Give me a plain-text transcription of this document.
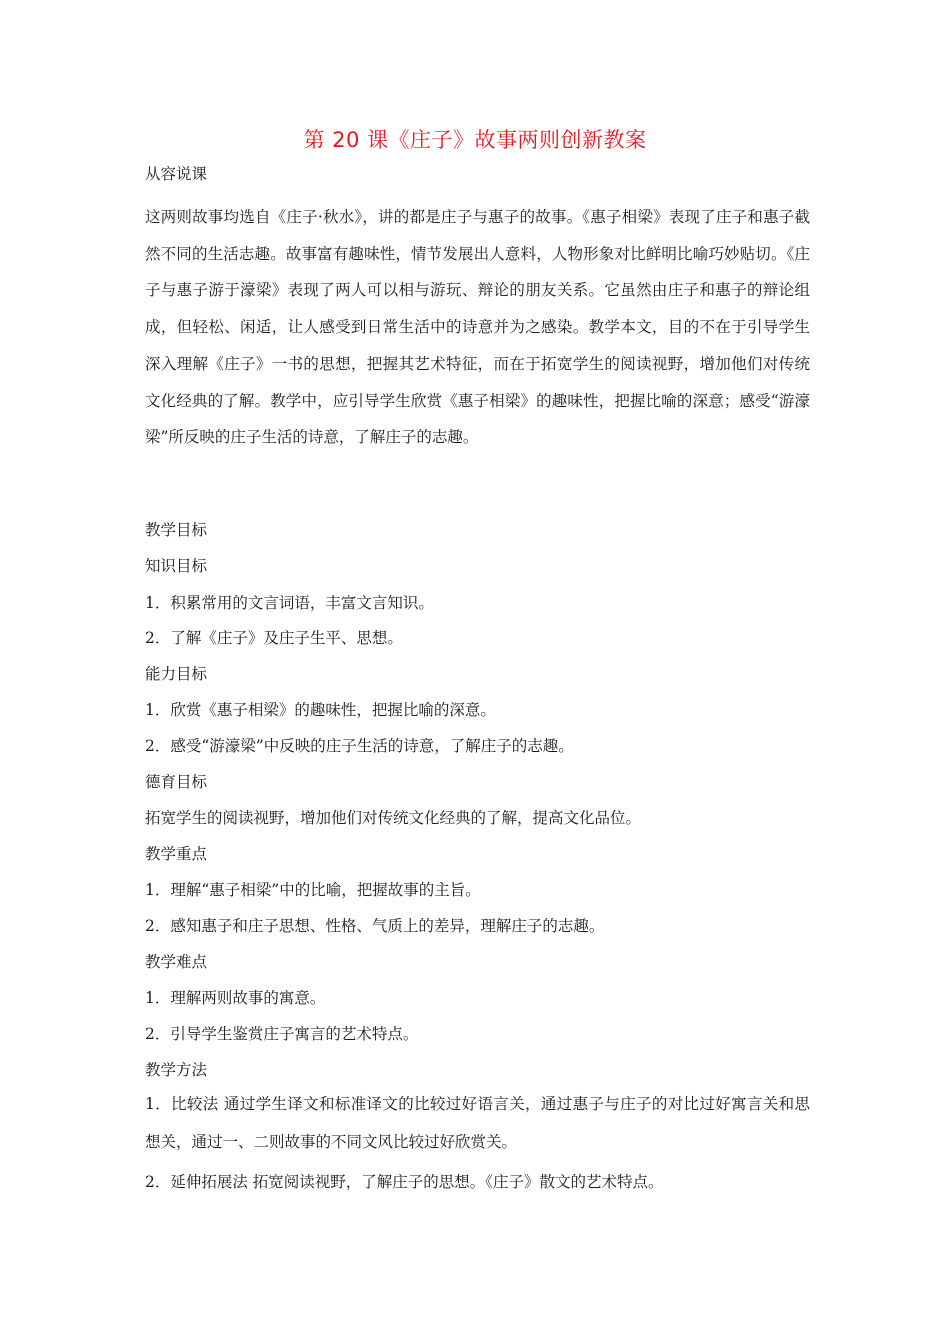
第 20 课《庄子》故事两则创新教案
从容说课
这两则故事均选自《庄子·秋水》，讲的都是庄子与惠子的故事。《惠子相梁》表现了庄子和惠子截然不同的生活志趣。故事富有趣味性，情节发展出人意料，人物形象对比鲜明比喻巧妙贴切。《庄子与惠子游于濠梁》表现了两人可以相与游玩、辩论的朋友关系。它虽然由庄子和惠子的辩论组成，但轻松、闲适，让人感受到日常生活中的诗意并为之感染。教学本文，目的不在于引导学生深入理解《庄子》一书的思想，把握其艺术特征，而在于拓宽学生的阅读视野，增加他们对传统文化经典的了解。教学中，应引导学生欣赏《惠子相梁》的趣味性，把握比喻的深意；感受“游濠梁”所反映的庄子生活的诗意，了解庄子的志趣。
教学目标
知识目标
1．积累常用的文言词语，丰富文言知识。
2．了解《庄子》及庄子生平、思想。
能力目标
1．欣赏《惠子相梁》的趣味性，把握比喻的深意。
2．感受“游濠梁”中反映的庄子生活的诗意，了解庄子的志趣。
德育目标
拓宽学生的阅读视野，增加他们对传统文化经典的了解，提高文化品位。
教学重点
1．理解“惠子相梁”中的比喻，把握故事的主旨。
2．感知惠子和庄子思想、性格、气质上的差异，理解庄子的志趣。
教学难点
1．理解两则故事的寓意。
2．引导学生鉴赏庄子寓言的艺术特点。
教学方法
1．比较法 通过学生译文和标准译文的比较过好语言关，通过惠子与庄子的对比过好寓言关和思想关，通过一、二则故事的不同文风比较过好欣赏关。
2．延伸拓展法 拓宽阅读视野，了解庄子的思想。《庄子》散文的艺术特点。
